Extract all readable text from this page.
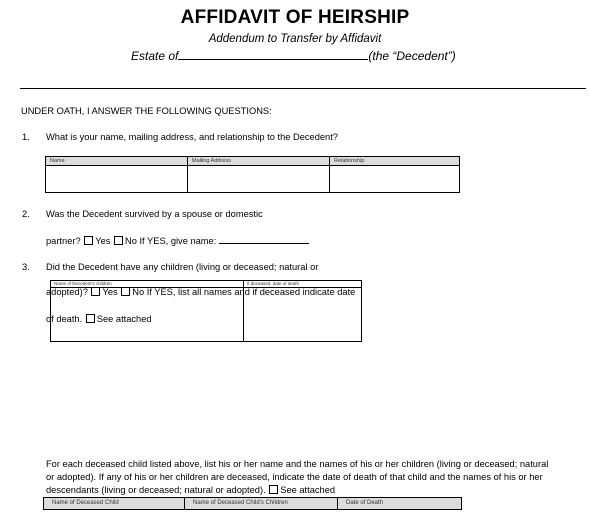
AFFIDAVIT OF HEIRSHIP
Addendum to Transfer by Affidavit
Estate of	(the “Decedent”)
UNDER OATH, I ANSWER THE FOLLOWING QUESTIONS:
1. What is your name, mailing address, and relationship to the Decedent?
Name	Mailing Address	Relationship

2. Was the Decedent survived by a spouse or domestic
partner? Yes No If YES, give name:
3. Did the Decedent have any children (living or deceased; natural or
Name of Decedent's children	If deceased, date of death

adopted)? Yes No If YES, list all names and if deceased indicate date
of death. See attached
For each deceased child listed above, list his or her name and the names of his or her children (living or deceased; natural
or adopted). If any of his or her children are deceased, indicate the date of death of that child and the names of his or her
descendants (living or deceased; natural or adopted). See attached
Name of Deceased Child	Name of Deceased Child's Children	Date of Death
